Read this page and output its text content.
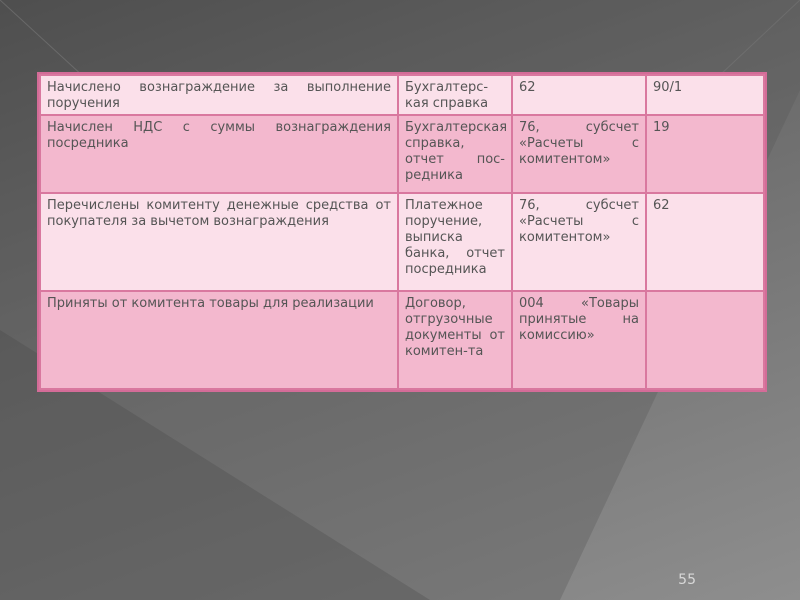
Начислено вознаграждение за выполнение поручения	Бухгалтерс-кая справка	62	90/1
Начислен НДС с суммы вознаграждения посредника	Бухгалтерская справка, отчет пос-редника	76, субсчет «Расчеты с комитентом»	19
Перечислены комитенту денежные средства от покупателя за вычетом вознаграждения	Платежное поручение, выписка банка, отчет посредника	76, субсчет «Расчеты с комитентом»	62
Приняты от комитента товары для реализации	Договор, отгрузочные документы от комитен-та	004 «Товары принятые на комиссию»	
55
